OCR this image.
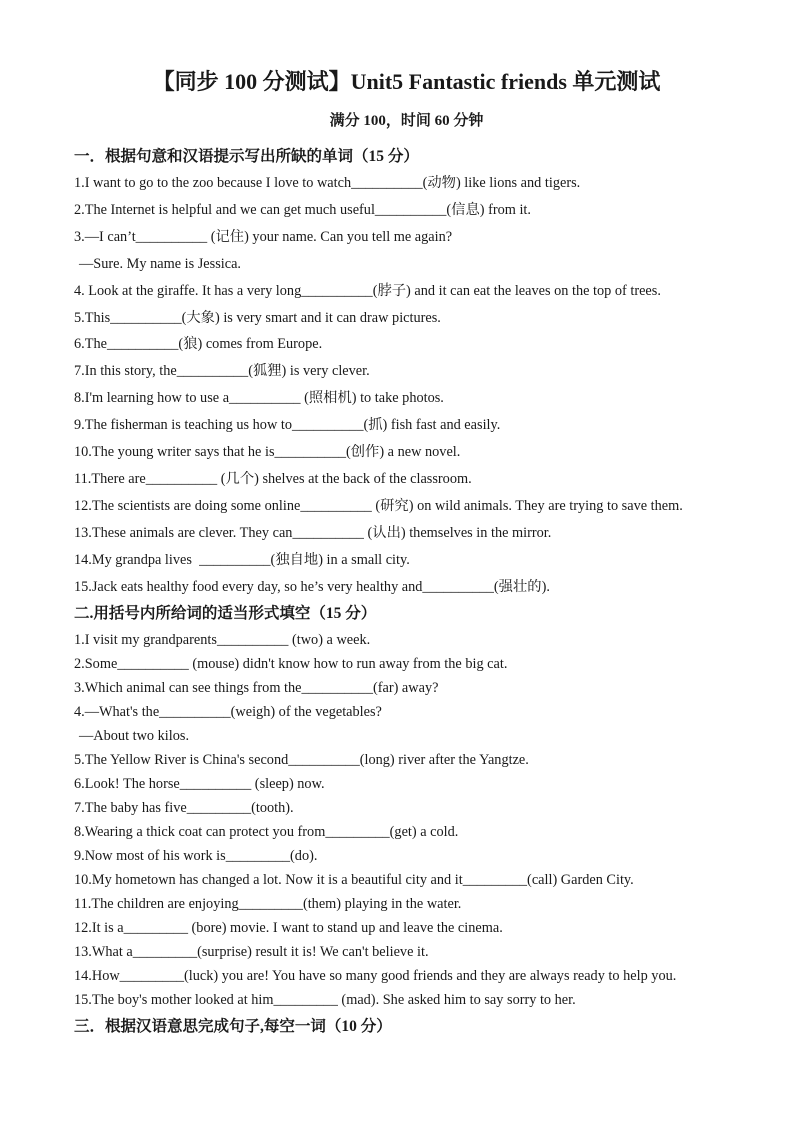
【同步 100 分测试】Unit5 Fantastic friends 单元测试
满分 100，时间 60 分钟
一．根据句意和汉语提示写出所缺的单词（15 分）

1.I want to go to the zoo because I love to watch__________(动物) like lions and tigers.

2.The Internet is helpful and we can get much useful__________(信息) from it.

3.—I can’t__________ (记住) your name. Can you tell me again?

—Sure. My name is Jessica.

4. Look at the giraffe. It has a very long__________(脖子) and it can eat the leaves on the top of trees.

5.This__________(大象) is very smart and it can draw pictures.

6.The__________(狼) comes from Europe.

7.In this story, the__________(狐狸) is very clever.

8.I'm learning how to use a__________ (照相机) to take photos.

9.The fisherman is teaching us how to__________(抓) fish fast and easily.

10.The young writer says that he is__________(创作) a new novel.

11.There are__________ (几个) shelves at the back of the classroom.

12.The scientists are doing some online__________ (研究) on wild animals. They are trying to save them.

13.These animals are clever. They can__________ (认出) themselves in the mirror.

14.My grandpa lives  __________(独自地) in a small city.

15.Jack eats healthy food every day, so he’s very healthy and__________(强壮的).

二.用括号内所给词的适当形式填空（15 分）

1.I visit my grandparents__________ (two) a week.

2.Some__________ (mouse) didn't know how to run away from the big cat.

3.Which animal can see things from the__________(far) away?

4.—What's the__________(weigh) of the vegetables?

—About two kilos.

5.The Yellow River is China's second__________(long) river after the Yangtze.

6.Look! The horse__________ (sleep) now.

7.The baby has five_________(tooth).

8.Wearing a thick coat can protect you from_________(get) a cold.

9.Now most of his work is_________(do).

10.My hometown has changed a lot. Now it is a beautiful city and it_________(call) Garden City.

11.The children are enjoying_________(them) playing in the water.

12.It is a_________ (bore) movie. I want to stand up and leave the cinema.

13.What a_________(surprise) result it is! We can't believe it.

14.How_________(luck) you are! You have so many good friends and they are always ready to help you.

15.The boy's mother looked at him_________ (mad). She asked him to say sorry to her.

三．根据汉语意思完成句子,每空一词（10 分）
